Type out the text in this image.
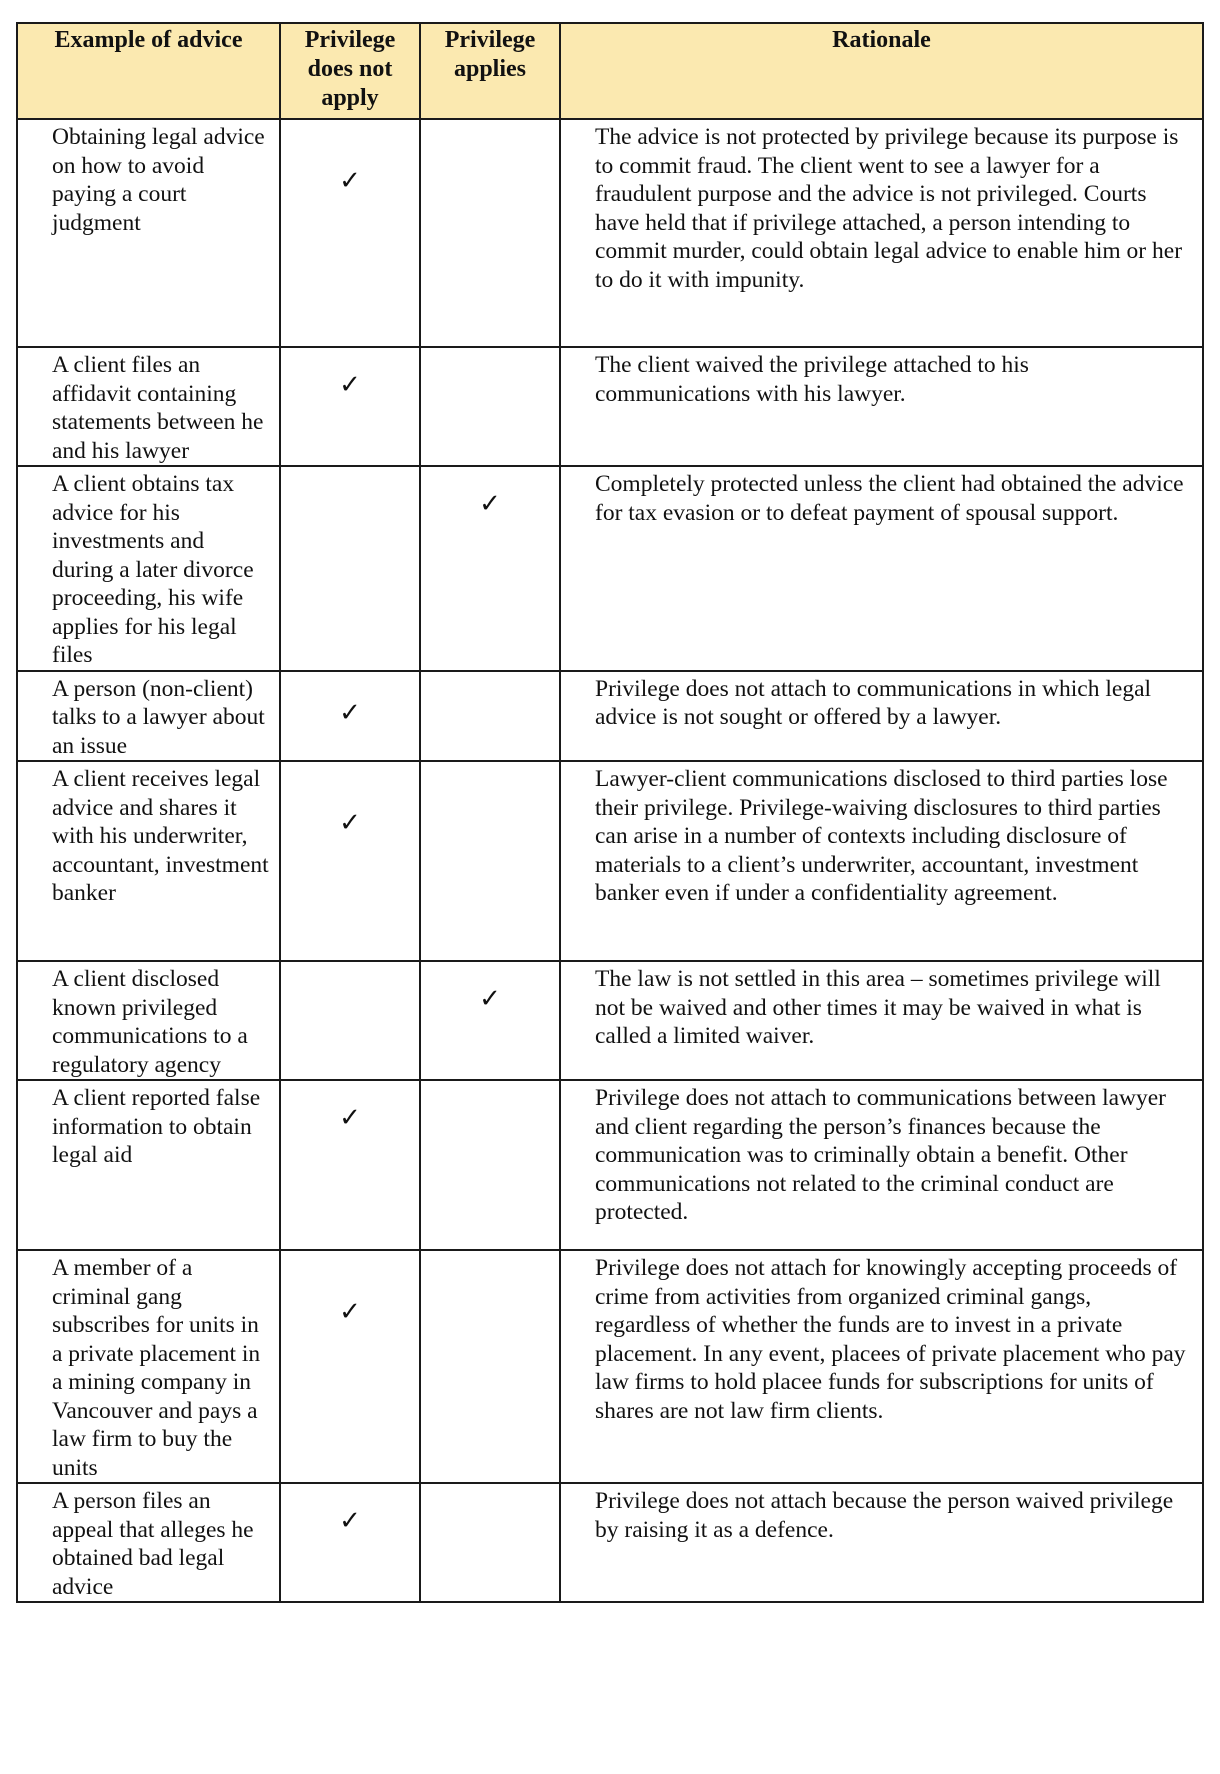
Example of advice	Privilege does not apply	Privilege applies	Rationale
Obtaining legal advice on how to avoid paying a court judgment	✓		The advice is not protected by privilege because its purpose is to commit fraud. The client went to see a lawyer for a fraudulent purpose and the advice is not privileged. Courts have held that if privilege attached, a person intending to commit murder, could obtain legal advice to enable him or her to do it with impunity.
A client files an affidavit containing statements between he and his lawyer	✓		The client waived the privilege attached to his communications with his lawyer.
A client obtains tax advice for his investments and during a later divorce proceeding, his wife applies for his legal files		✓	Completely protected unless the client had obtained the advice for tax evasion or to defeat payment of spousal support.
A person (non-client) talks to a lawyer about an issue	✓		Privilege does not attach to communications in which legal advice is not sought or offered by a lawyer.
A client receives legal advice and shares it with his underwriter, accountant, investment banker	✓		Lawyer-client communications disclosed to third parties lose their privilege. Privilege-waiving disclosures to third parties can arise in a number of contexts including disclosure of materials to a client’s underwriter, accountant, investment banker even if under a confidentiality agreement.
A client disclosed known privileged communications to a regulatory agency		✓	The law is not settled in this area – sometimes privilege will not be waived and other times it may be waived in what is called a limited waiver.
A client reported false information to obtain legal aid	✓		Privilege does not attach to communications between lawyer and client regarding the person’s finances because the communication was to criminally obtain a benefit. Other communications not related to the criminal conduct are protected.
A member of a criminal gang subscribes for units in a private placement in a mining company in Vancouver and pays a law firm to buy the units	✓		Privilege does not attach for knowingly accepting proceeds of crime from activities from organized criminal gangs, regardless of whether the funds are to invest in a private placement. In any event, placees of private placement who pay law firms to hold placee funds for subscriptions for units of shares are not law firm clients.
A person files an appeal that alleges he obtained bad legal advice	✓		Privilege does not attach because the person waived privilege by raising it as a defence.
